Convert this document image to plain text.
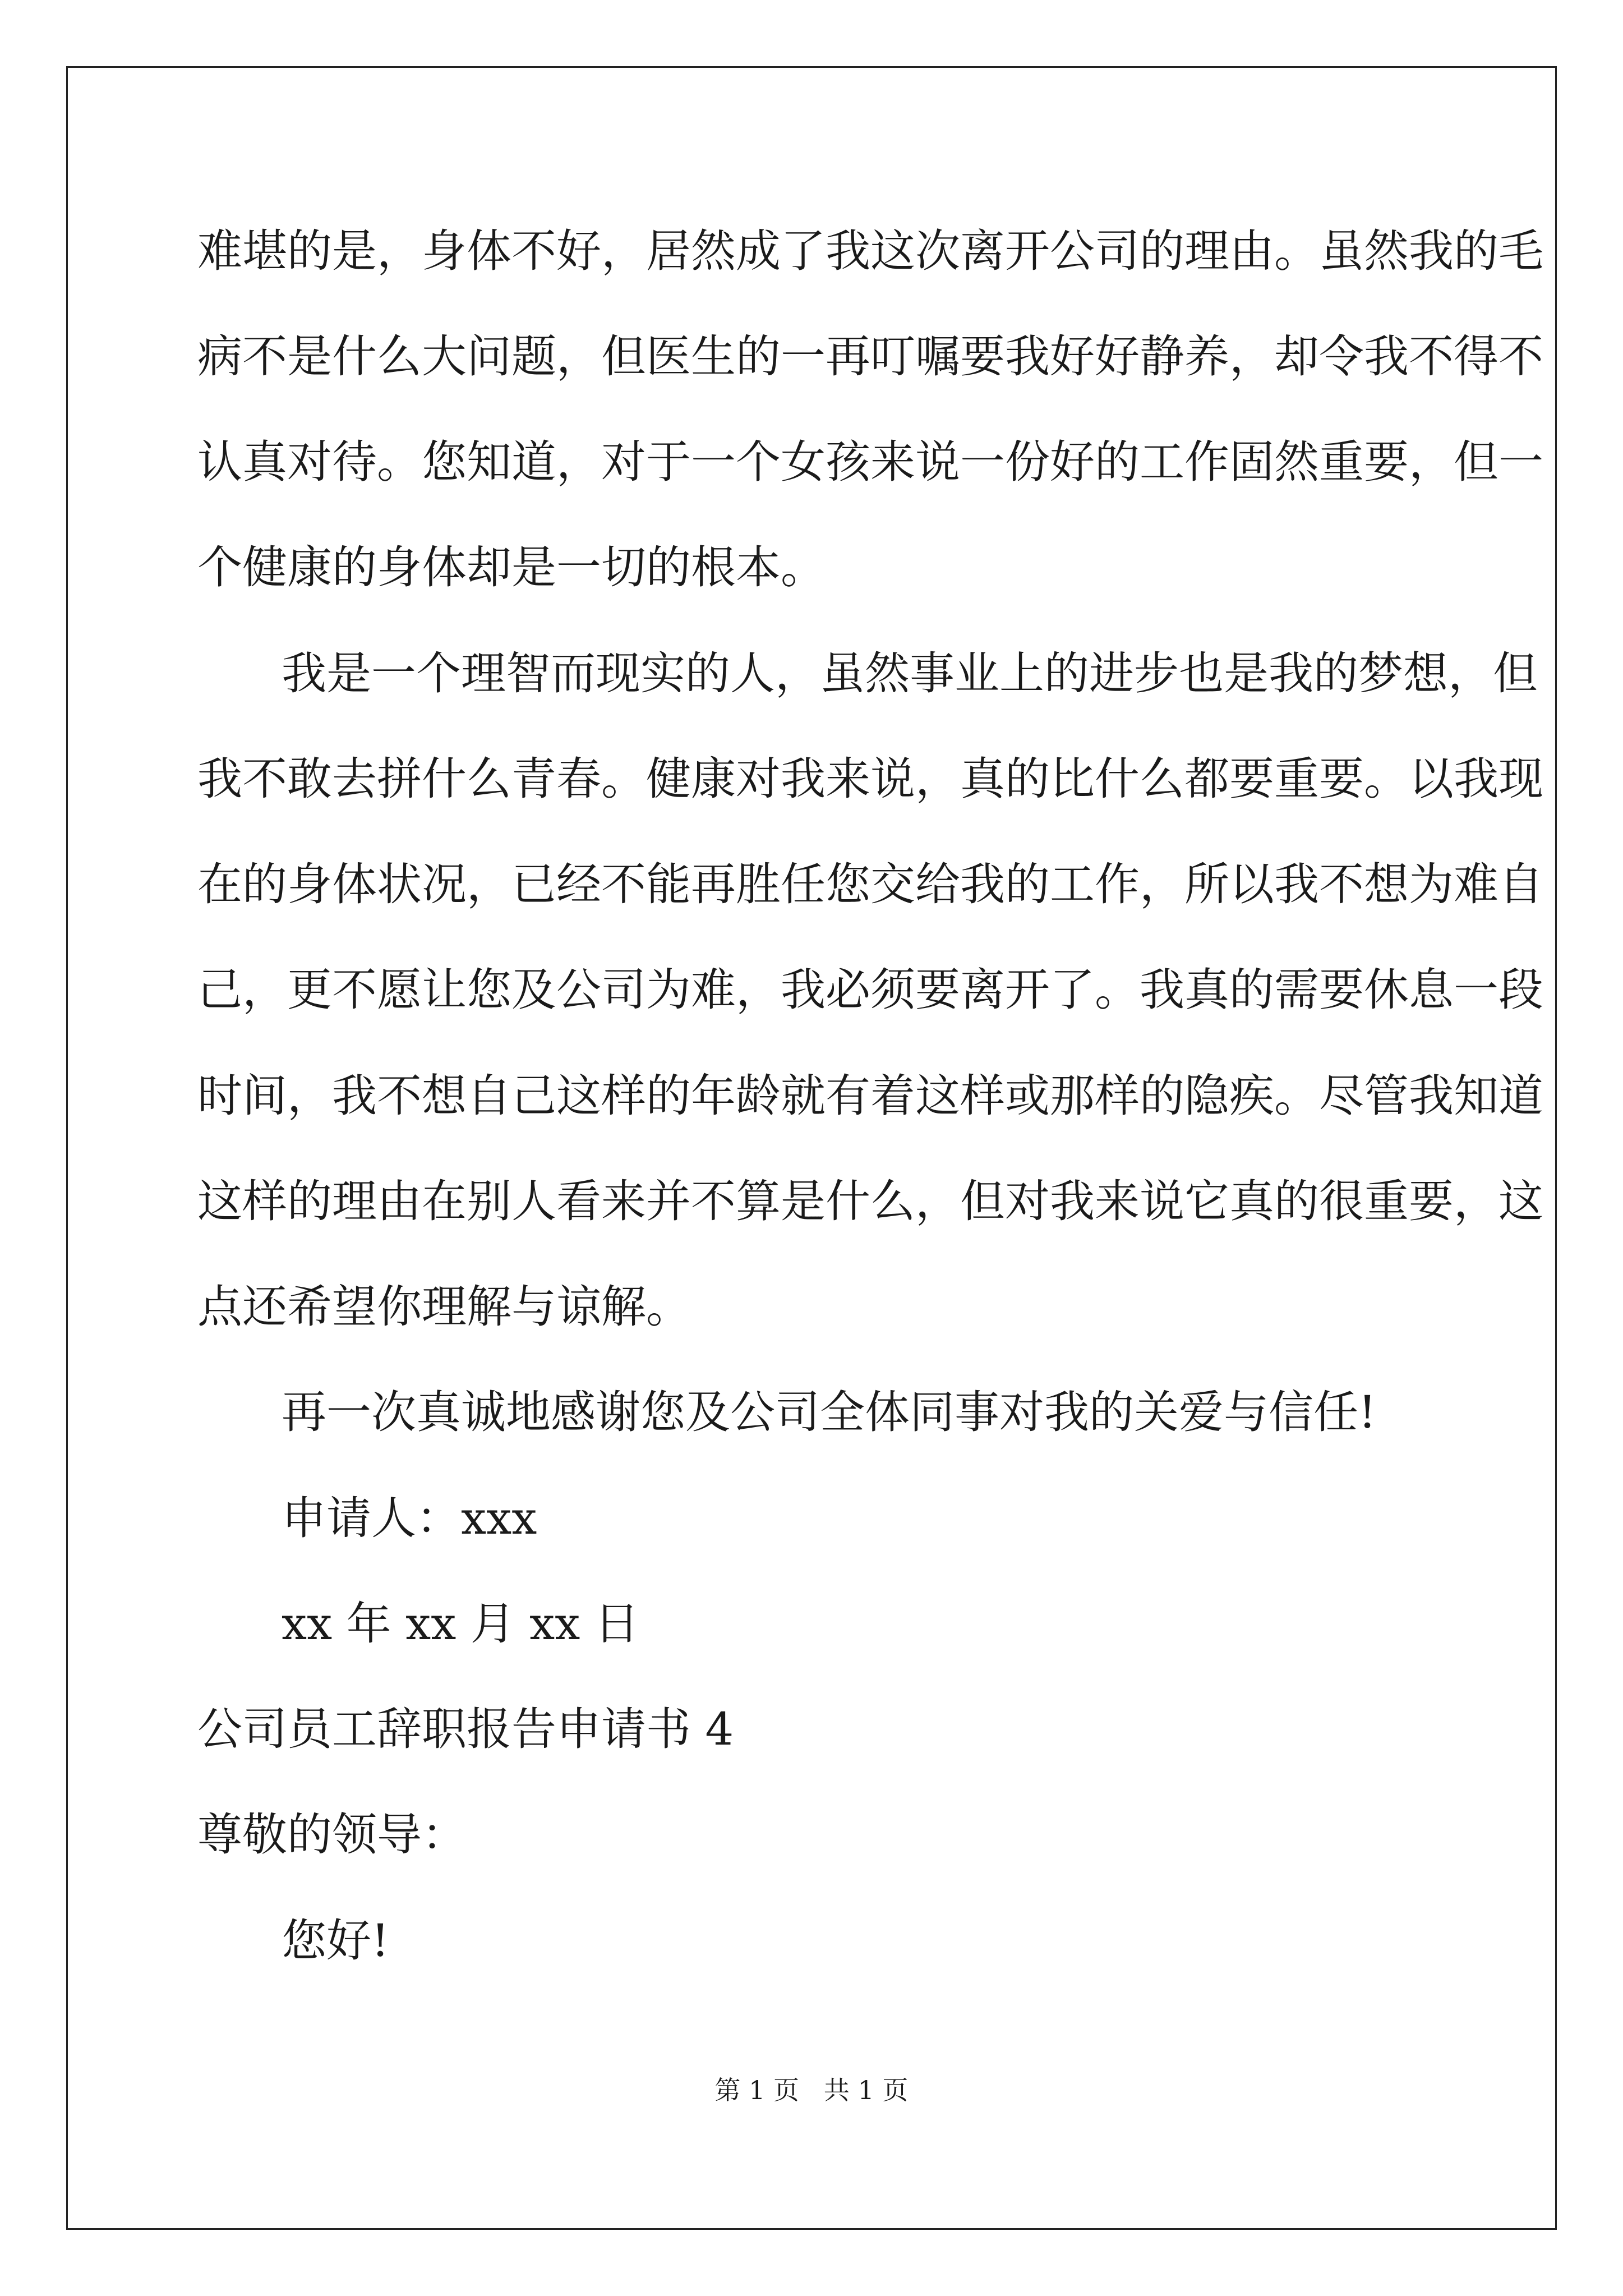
难堪的是，身体不好，居然成了我这次离开公司的理由。虽然我的毛
病不是什么大问题，但医生的一再叮嘱要我好好静养，却令我不得不
认真对待。您知道，对于一个女孩来说一份好的工作固然重要，但一
个健康的身体却是一切的根本。
我是一个理智而现实的人，虽然事业上的进步也是我的梦想，但
我不敢去拼什么青春。健康对我来说，真的比什么都要重要。以我现
在的身体状况，已经不能再胜任您交给我的工作，所以我不想为难自
己，更不愿让您及公司为难，我必须要离开了。我真的需要休息一段
时间，我不想自己这样的年龄就有着这样或那样的隐疾。尽管我知道
这样的理由在别人看来并不算是什么，但对我来说它真的很重要，这
点还希望你理解与谅解。
再一次真诚地感谢您及公司全体同事对我的关爱与信任!
申请人：xxx
xx 年 xx 月 xx 日
公司员工辞职报告申请书 4
尊敬的领导：
您好!
第 1 页   共 1 页
